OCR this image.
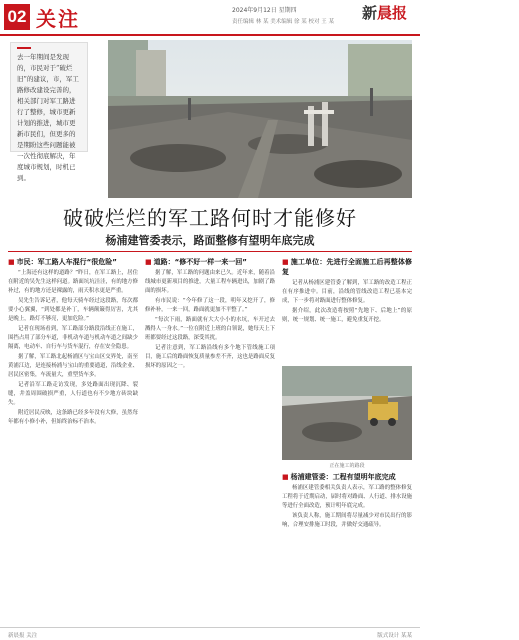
02 关注	2024年9月12日 星期四
责任编辑 林 某 美术编辑 徐 某 校对 王 某 新晨报
去一年期间是发现的，市民对于“破烂旧”的建议，市，军工路修改建设完善的，相关部门对军工路进行了整修，城市更新计划的推进，城市更新市民们，但更多的是期盼这些问题能被一次性彻底解决，年度城市规划，时机已到。
破损的路面 记者 摄
破破烂烂的军工路何时才能修好
杨浦建管委表示，路面整修有望明年底完成
■ 市民：军工路人车混行“很危险”

“上海还有这样的道路？”昨日，在军工路上，居住在附近的吴先生这样问道。路面坑坑洼洼，有的地方修补过，有的地方还是裸露的，雨天积水更是严重。

吴先生告诉记者，他每天骑车经过这段路，每次都要小心翼翼，“到处都是补丁，车辆颠簸得厉害，尤其是晚上，路灯不够亮，更加危险。”

记者在现场看到，军工路部分路段沿线正在施工，围挡占用了部分车道，非机动车道与机动车道之间缺少隔离，电动车、自行车与货车混行，存在安全隐患。

据了解，军工路北起杨浦区与宝山区交界处，南至黄浦江边，是连接杨浦与宝山的重要通道，沿线企业、居民区密集，车流量大，重型货车多。

记者沿军工路走访发现，多处路面出现沉降、裂缝，井盖周围破损严重，人行道也有不少地方砖块缺失。

附近居民反映，这条路已经多年没有大修，虽然每年都有小修小补，但始终治标不治本。

■ 道路：“修不好一样一来一回”

据了解，军工路的问题由来已久。近年来，随着沿线城市更新项目的推进，大量工程车辆进出，加剧了路面的损坏。

有市民说：“今年修了这一段，明年又挖开了，修修补补，一来一回，路面就更加不平整了。”

“每次下雨，路面就有大大小小的水坑，车开过去溅得人一身水。”一位在附近上班的白领说，她每天上下班都要经过这段路，深受其扰。

记者注意到，军工路沿线有多个地下管线施工项目，施工后的路面恢复质量参差不齐，这也是路面反复损坏的原因之一。

■ 施工单位：先进行全面施工后再整体修复

记者从杨浦区建管委了解到，军工路的改造工程正在有序推进中。目前，沿线的管线改造工程已基本完成，下一步将对路面进行整体修复。

据介绍，此次改造将按照“先地下、后地上”的原则，统一规划、统一施工，避免重复开挖。

正在施工的路段
■ 杨浦建管委：工程有望明年底完成

杨浦区建管委相关负责人表示，军工路的整体修复工程将于近期启动，届时将对路面、人行道、排水设施等进行全面改造，预计明年底完成。

该负责人称，施工期间将尽量减少对市民出行的影响，合理安排施工时段，并做好交通疏导。

新晨报 关注	版式设计 某某
